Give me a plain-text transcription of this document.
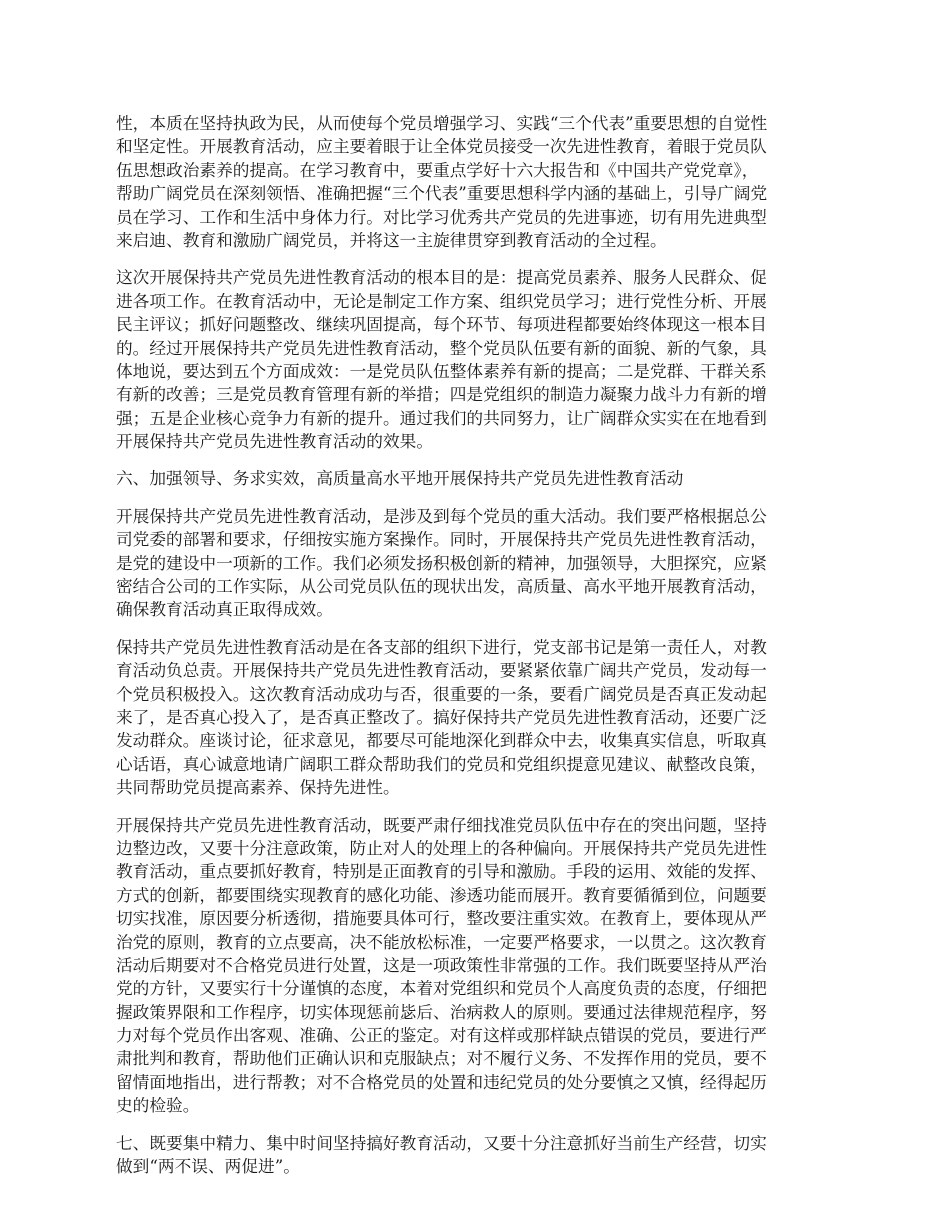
性，本质在坚持执政为民，从而使每个党员增强学习、实践“三个代表”重要思想的自觉性
和坚定性。开展教育活动，应主要着眼于让全体党员接受一次先进性教育，着眼于党员队
伍思想政治素养的提高。在学习教育中，要重点学好十六大报告和《中国共产党党章》，
帮助广阔党员在深刻领悟、准确把握“三个代表”重要思想科学内涵的基础上，引导广阔党
员在学习、工作和生活中身体力行。对比学习优秀共产党员的先进事迹，切有用先进典型
来启迪、教育和激励广阔党员，并将这一主旋律贯穿到教育活动的全过程。
这次开展保持共产党员先进性教育活动的根本目的是：提高党员素养、服务人民群众、促
进各项工作。在教育活动中，无论是制定工作方案、组织党员学习；进行党性分析、开展
民主评议；抓好问题整改、继续巩固提高，每个环节、每项进程都要始终体现这一根本目
的。经过开展保持共产党员先进性教育活动，整个党员队伍要有新的面貌、新的气象，具
体地说，要达到五个方面成效：一是党员队伍整体素养有新的提高；二是党群、干群关系
有新的改善；三是党员教育管理有新的举措；四是党组织的制造力凝聚力战斗力有新的增
强；五是企业核心竞争力有新的提升。通过我们的共同努力，让广阔群众实实在在地看到
开展保持共产党员先进性教育活动的效果。
六、加强领导、务求实效，高质量高水平地开展保持共产党员先进性教育活动
开展保持共产党员先进性教育活动，是涉及到每个党员的重大活动。我们要严格根据总公
司党委的部署和要求，仔细按实施方案操作。同时，开展保持共产党员先进性教育活动，
是党的建设中一项新的工作。我们必须发扬积极创新的精神，加强领导，大胆探究，应紧
密结合公司的工作实际，从公司党员队伍的现状出发，高质量、高水平地开展教育活动，
确保教育活动真正取得成效。
保持共产党员先进性教育活动是在各支部的组织下进行，党支部书记是第一责任人，对教
育活动负总责。开展保持共产党员先进性教育活动，要紧紧依靠广阔共产党员，发动每一
个党员积极投入。这次教育活动成功与否，很重要的一条，要看广阔党员是否真正发动起
来了，是否真心投入了，是否真正整改了。搞好保持共产党员先进性教育活动，还要广泛
发动群众。座谈讨论，征求意见，都要尽可能地深化到群众中去，收集真实信息，听取真
心话语，真心诚意地请广阔职工群众帮助我们的党员和党组织提意见建议、献整改良策，
共同帮助党员提高素养、保持先进性。
开展保持共产党员先进性教育活动，既要严肃仔细找准党员队伍中存在的突出问题，坚持
边整边改，又要十分注意政策，防止对人的处理上的各种偏向。开展保持共产党员先进性
教育活动，重点要抓好教育，特别是正面教育的引导和激励。手段的运用、效能的发挥、
方式的创新，都要围绕实现教育的感化功能、渗透功能而展开。教育要循循到位，问题要
切实找准，原因要分析透彻，措施要具体可行，整改要注重实效。在教育上，要体现从严
治党的原则，教育的立点要高，决不能放松标准，一定要严格要求，一以贯之。这次教育
活动后期要对不合格党员进行处置，这是一项政策性非常强的工作。我们既要坚持从严治
党的方针，又要实行十分谨慎的态度，本着对党组织和党员个人高度负责的态度，仔细把
握政策界限和工作程序，切实体现惩前毖后、治病救人的原则。要通过法律规范程序，努
力对每个党员作出客观、准确、公正的鉴定。对有这样或那样缺点错误的党员，要进行严
肃批判和教育，帮助他们正确认识和克服缺点；对不履行义务、不发挥作用的党员，要不
留情面地指出，进行帮教；对不合格党员的处置和违纪党员的处分要慎之又慎，经得起历
史的检验。
七、既要集中精力、集中时间坚持搞好教育活动，又要十分注意抓好当前生产经营，切实
做到“两不误、两促进”。
